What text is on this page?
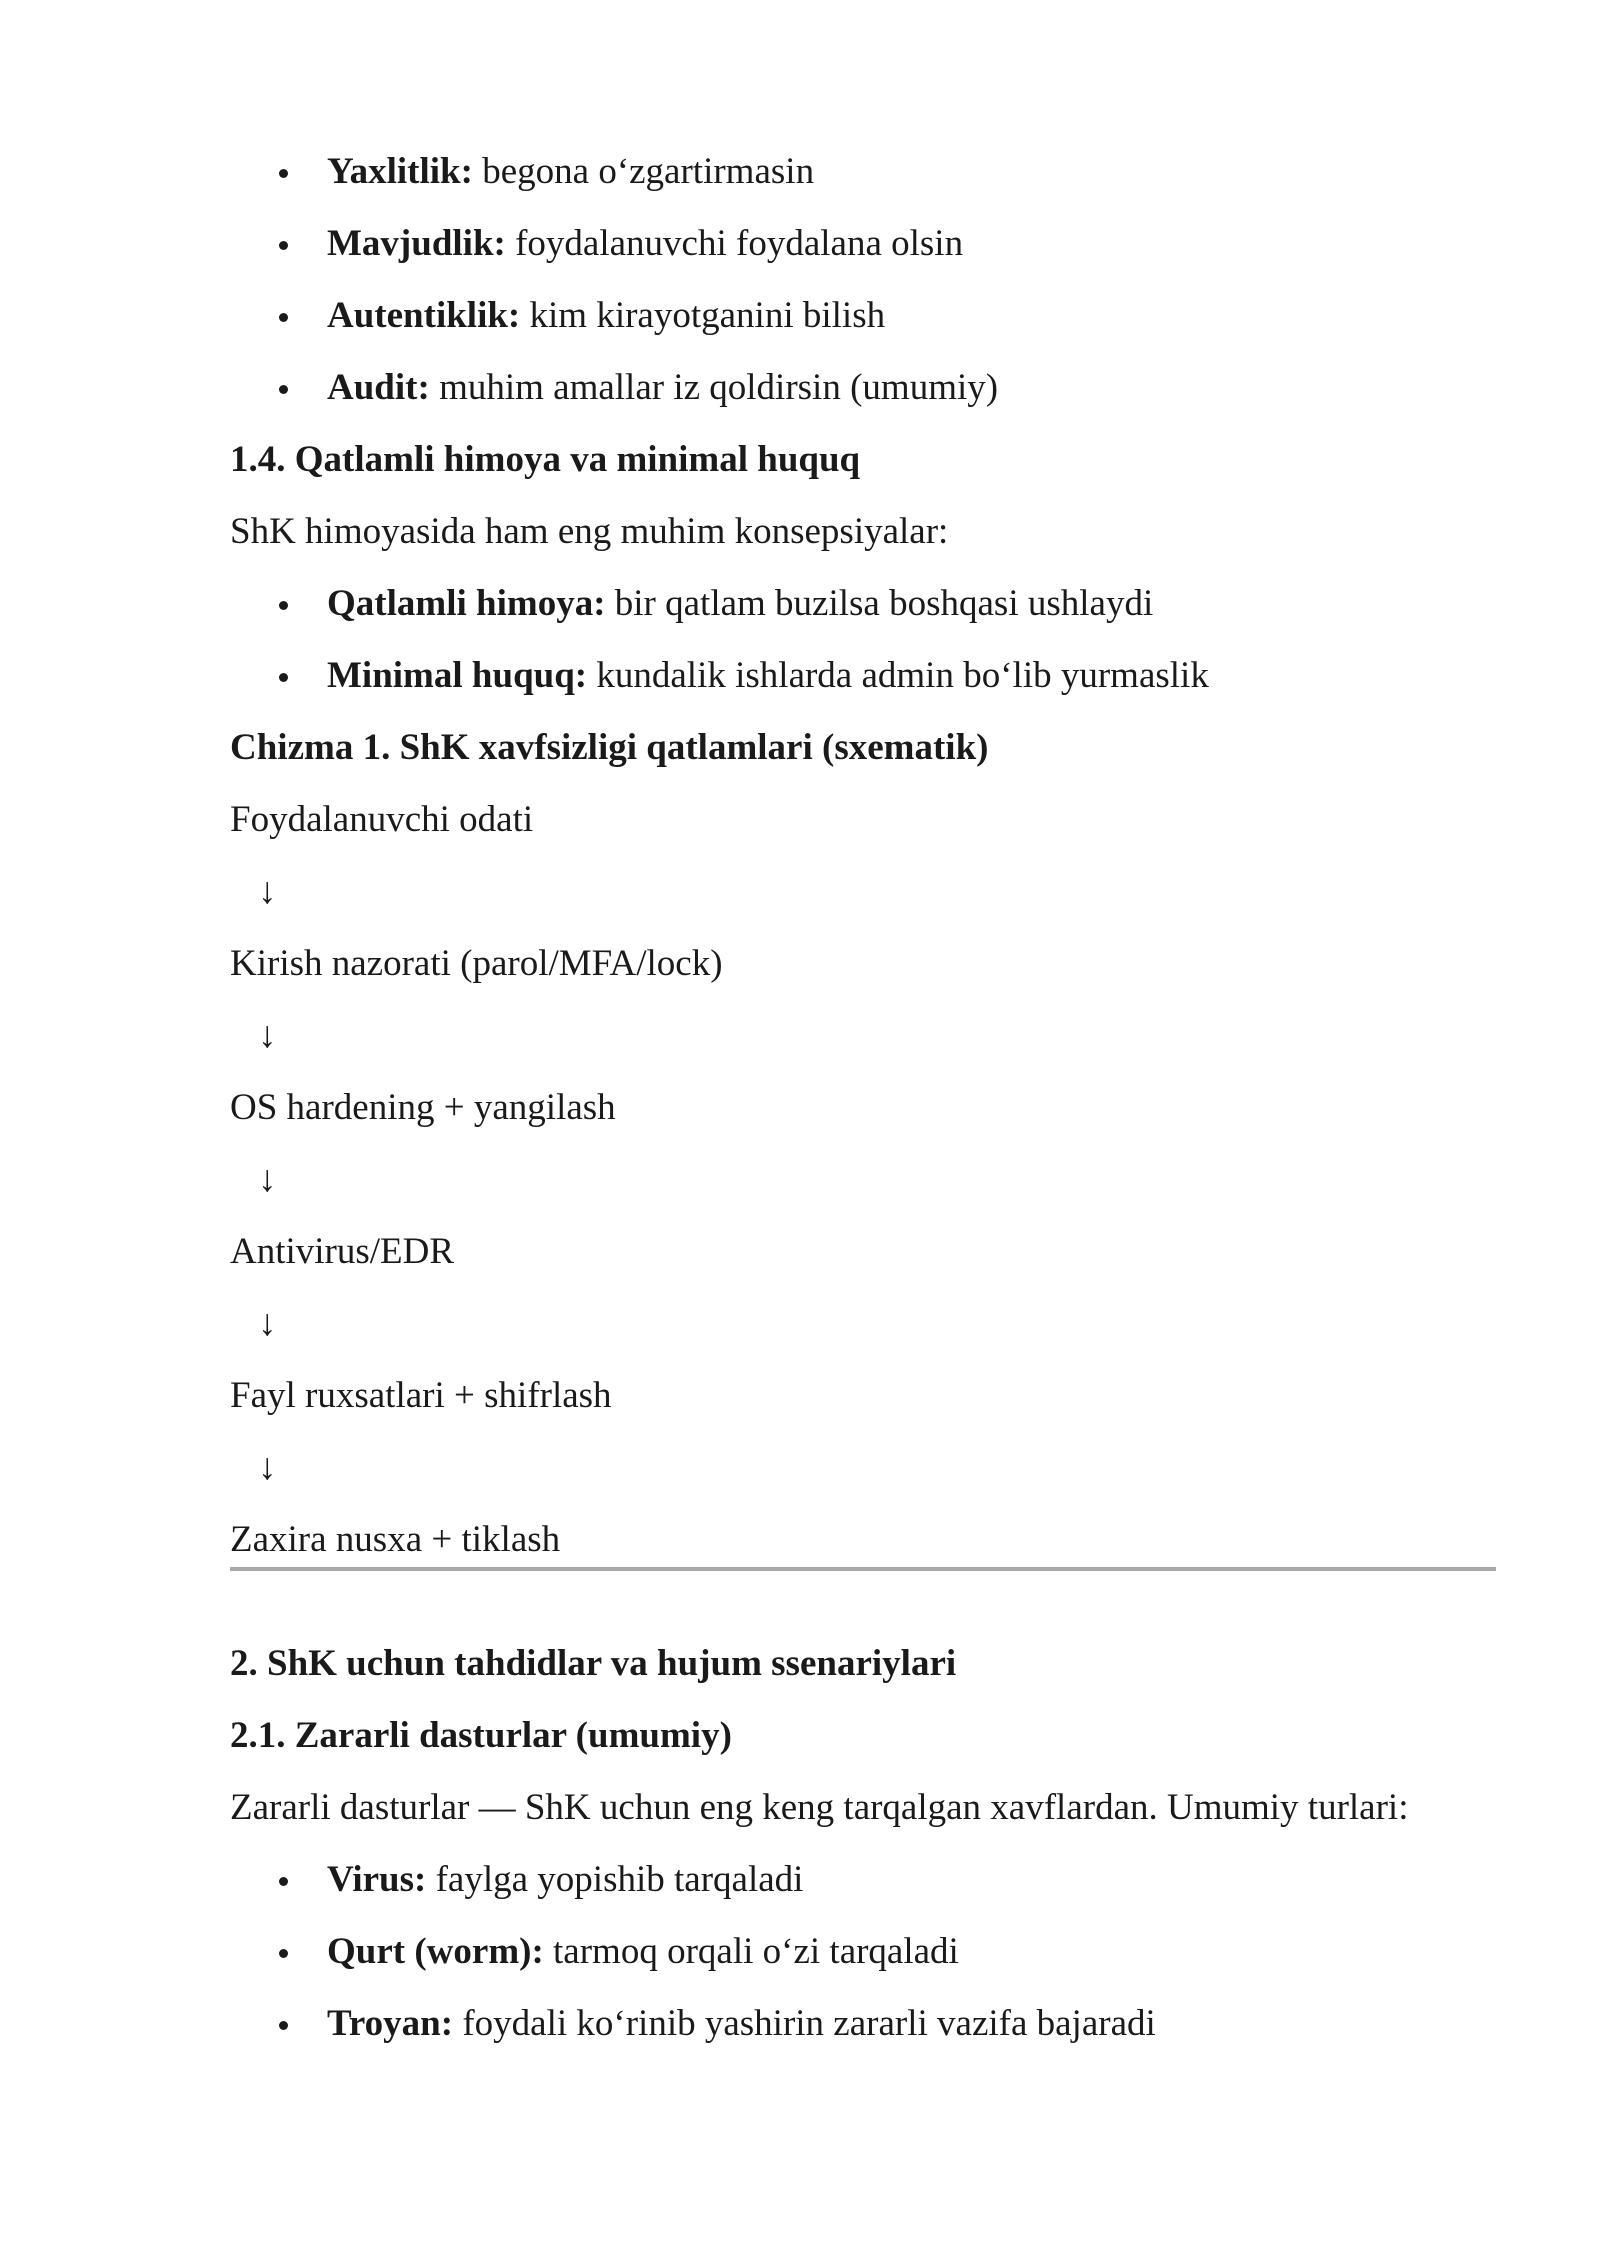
Yaxlitlik: begona o‘zgartirmasin
Mavjudlik: foydalanuvchi foydalana olsin
Autentiklik: kim kirayotganini bilish
Audit: muhim amallar iz qoldirsin (umumiy)
1.4. Qatlamli himoya va minimal huquq
ShK himoyasida ham eng muhim konsepsiyalar:
Qatlamli himoya: bir qatlam buzilsa boshqasi ushlaydi
Minimal huquq: kundalik ishlarda admin bo‘lib yurmaslik
Chizma 1. ShK xavfsizligi qatlamlari (sxematik)
Foydalanuvchi odati
↓
Kirish nazorati (parol/MFA/lock)
↓
OS hardening + yangilash
↓
Antivirus/EDR
↓
Fayl ruxsatlari + shifrlash
↓
Zaxira nusxa + tiklash
2. ShK uchun tahdidlar va hujum ssenariylari
2.1. Zararli dasturlar (umumiy)
Zararli dasturlar — ShK uchun eng keng tarqalgan xavflardan. Umumiy turlari:
Virus: faylga yopishib tarqaladi
Qurt (worm): tarmoq orqali o‘zi tarqaladi
Troyan: foydali ko‘rinib yashirin zararli vazifa bajaradi
